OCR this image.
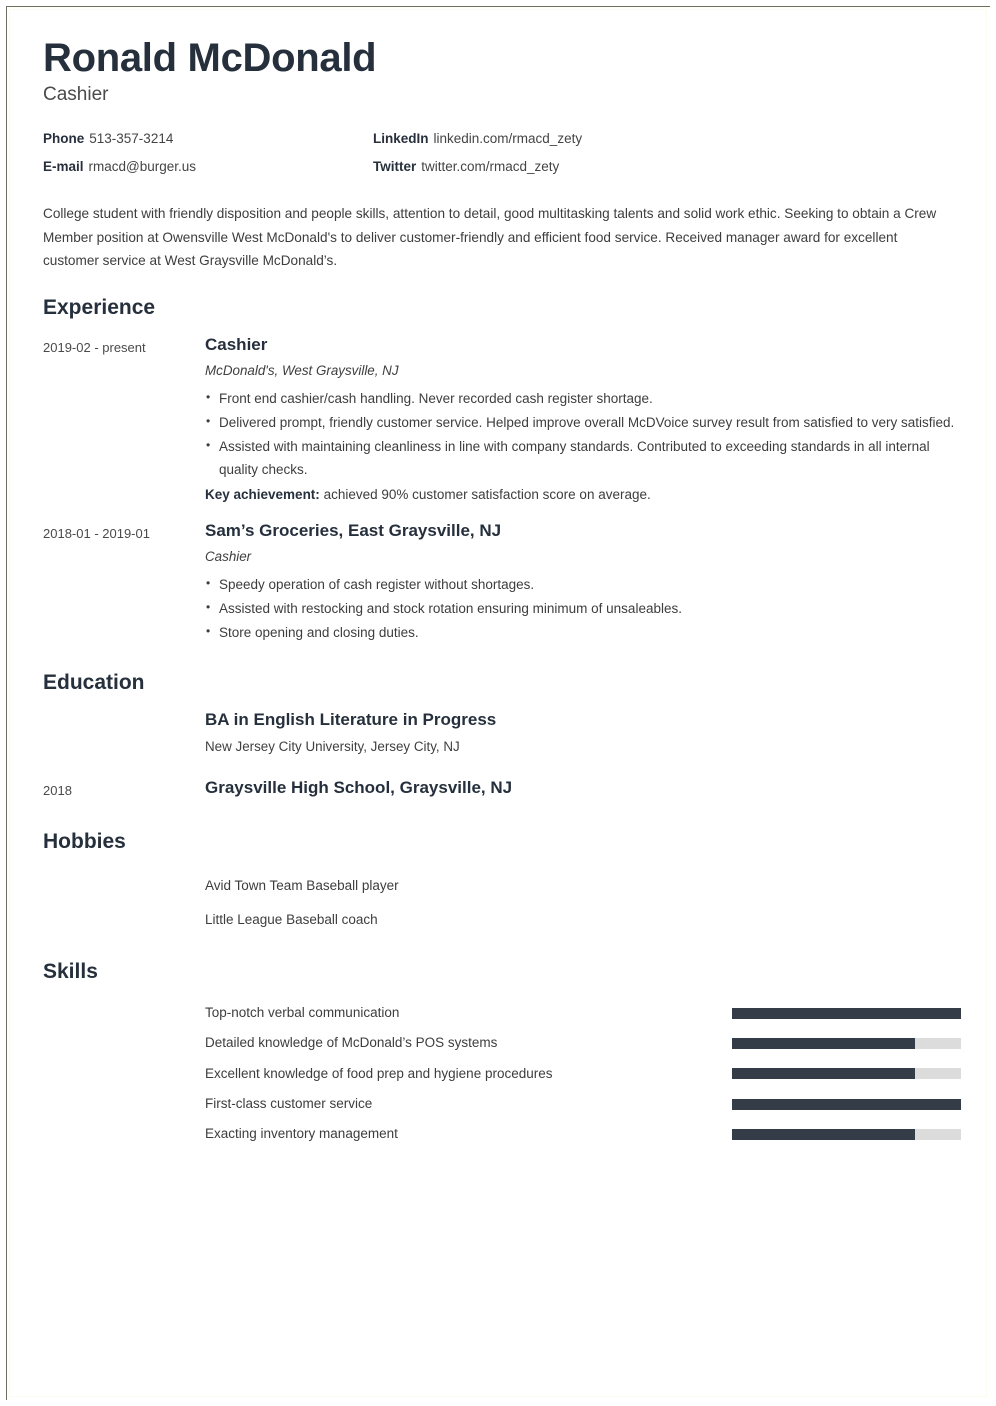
Ronald McDonald
Cashier
Phone 513-357-3214	LinkedIn linkedin.com/rmacd_zety
E-mail rmacd@burger.us	Twitter twitter.com/rmacd_zety

College student with friendly disposition and people skills, attention to detail, good multitasking talents and solid work ethic. Seeking to obtain a Crew Member position at Owensville West McDonald's to deliver customer-friendly and efficient food service. Received manager award for excellent customer service at West Graysville McDonald’s.

Experience
2019-02 - present	Cashier
McDonald's, West Graysville, NJ
• Front end cashier/cash handling. Never recorded cash register shortage.
• Delivered prompt, friendly customer service. Helped improve overall McDVoice survey result from satisfied to very satisfied.
• Assisted with maintaining cleanliness in line with company standards. Contributed to exceeding standards in all internal quality checks.
Key achievement: achieved 90% customer satisfaction score on average.
2018-01 - 2019-01	Sam’s Groceries, East Graysville, NJ
Cashier
• Speedy operation of cash register without shortages.
• Assisted with restocking and stock rotation ensuring minimum of unsaleables.
• Store opening and closing duties.
Education
BA in English Literature in Progress
New Jersey City University, Jersey City, NJ
2018	Graysville High School, Graysville, NJ
Hobbies
Avid Town Team Baseball player
Little League Baseball coach
Skills
Top-notch verbal communication
Detailed knowledge of McDonald’s POS systems
Excellent knowledge of food prep and hygiene procedures
First-class customer service
Exacting inventory management
